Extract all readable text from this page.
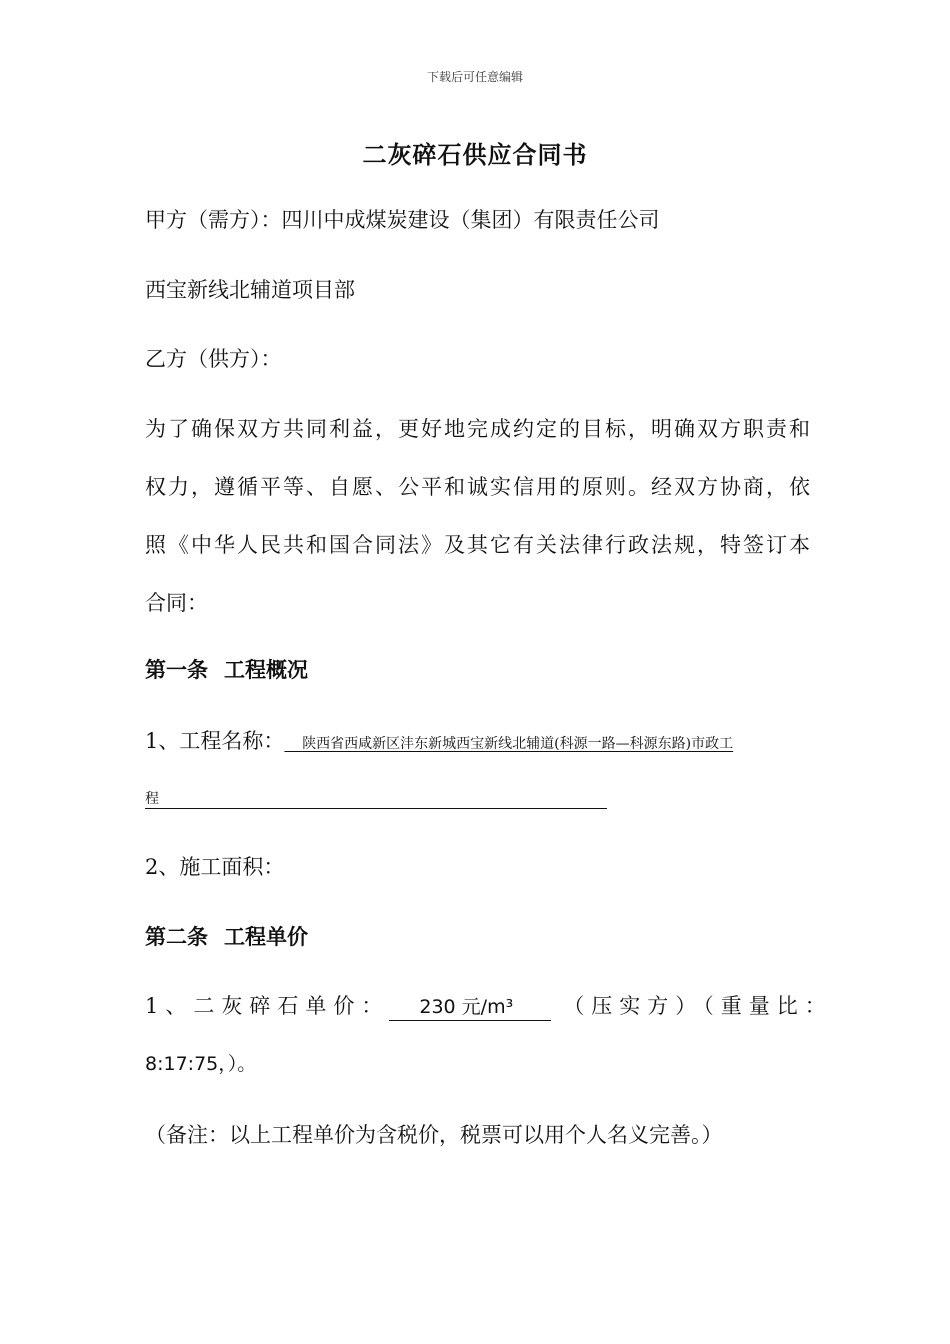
下载后可任意编辑
二灰碎石供应合同书
甲方（需方）：四川中成煤炭建设（集团）有限责任公司
西宝新线北辅道项目部
乙方（供方）：
为了确保双方共同利益，更好地完成约定的目标，明确双方职责和
权力，遵循平等、自愿、公平和诚实信用的原则。经双方协商，依
照《中华人民共和国合同法》及其它有关法律行政法规，特签订本
合同：
第一条 工程概况
1、工程名称： 陕西省西咸新区沣东新城西宝新线北辅道(科源一路—科源东路)市政工
程
2、施工面积：
第二条 工程单价
1、二灰碎石单价： 230 元/m³ （压实方）（重量比：
8:17:75，）。
（备注：以上工程单价为含税价，税票可以用个人名义完善。）
